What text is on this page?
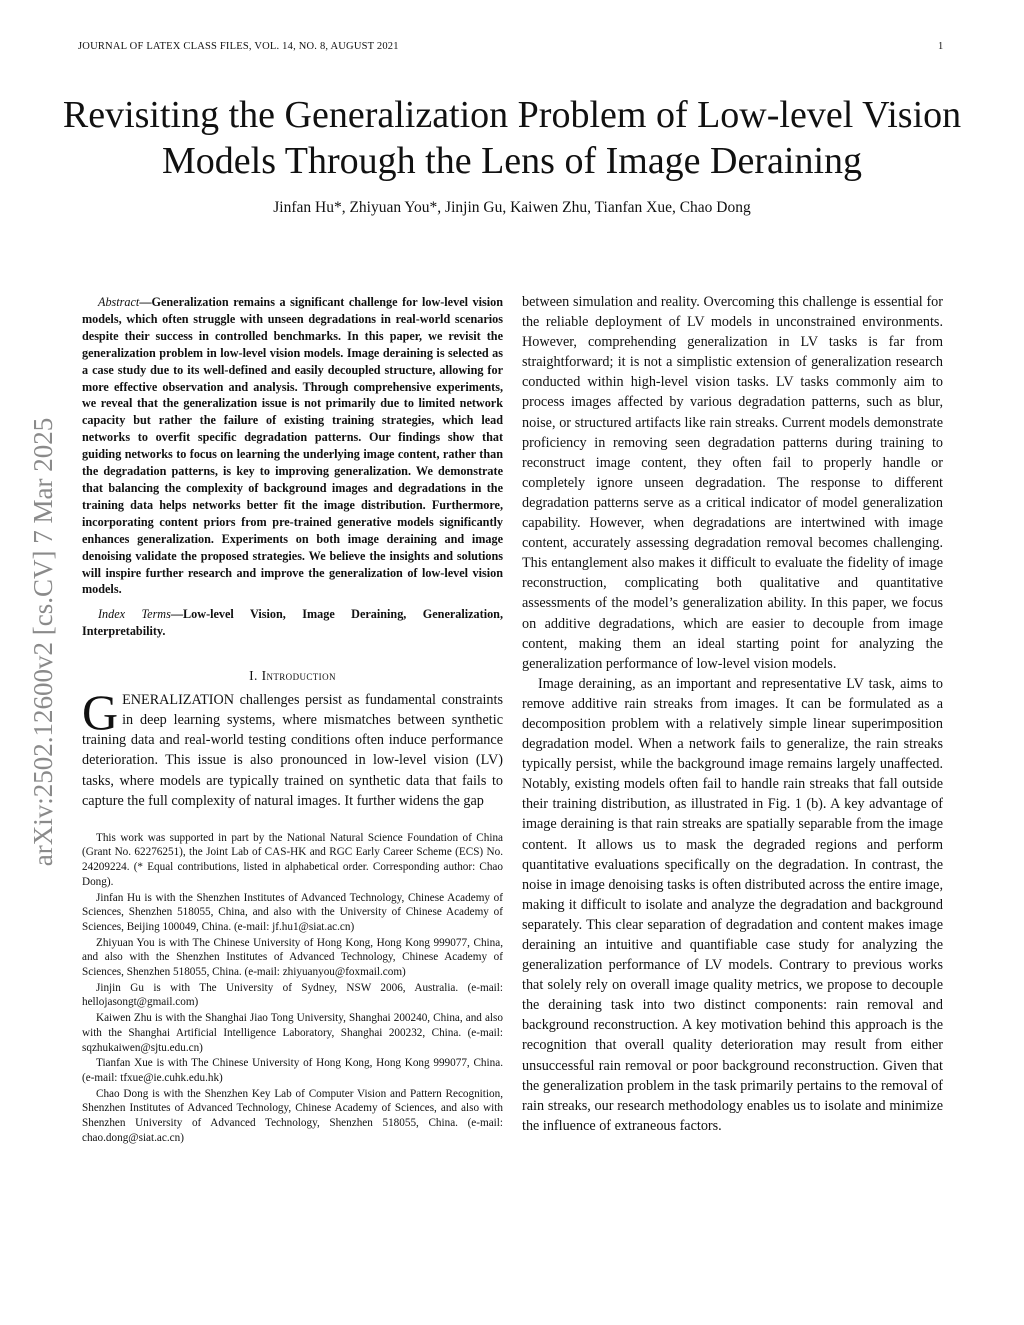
JOURNAL OF LATEX CLASS FILES, VOL. 14, NO. 8, AUGUST 2021	1
Revisiting the Generalization Problem of Low-level Vision Models Through the Lens of Image Deraining
Jinfan Hu*, Zhiyuan You*, Jinjin Gu, Kaiwen Zhu, Tianfan Xue, Chao Dong
arXiv:2502.12600v2 [cs.CV] 7 Mar 2025

Abstract—Generalization remains a significant challenge for low-level vision models, which often struggle with unseen degradations in real-world scenarios despite their success in controlled benchmarks. In this paper, we revisit the generalization problem in low-level vision models. Image deraining is selected as a case study due to its well-defined and easily decoupled structure, allowing for more effective observation and analysis. Through comprehensive experiments, we reveal that the generalization issue is not primarily due to limited network capacity but rather the failure of existing training strategies, which lead networks to overfit specific degradation patterns. Our findings show that guiding networks to focus on learning the underlying image content, rather than the degradation patterns, is key to improving generalization. We demonstrate that balancing the complexity of background images and degradations in the training data helps networks better fit the image distribution. Furthermore, incorporating content priors from pre-trained generative models significantly enhances generalization. Experiments on both image deraining and image denoising validate the proposed strategies. We believe the insights and solutions will inspire further research and improve the generalization of low-level vision models.

Index Terms—Low-level Vision, Image Deraining, Generalization, Interpretability.

I. Introduction

GENERALIZATION challenges persist as fundamental constraints in deep learning systems, where mismatches between synthetic training data and real-world testing conditions often induce performance deterioration. This issue is also pronounced in low-level vision (LV) tasks, where models are typically trained on synthetic data that fails to capture the full complexity of natural images. It further widens the gap

This work was supported in part by the National Natural Science Foundation of China (Grant No. 62276251), the Joint Lab of CAS-HK and RGC Early Career Scheme (ECS) No. 24209224. (* Equal contributions, listed in alphabetical order. Corresponding author: Chao Dong).

Jinfan Hu is with the Shenzhen Institutes of Advanced Technology, Chinese Academy of Sciences, Shenzhen 518055, China, and also with the University of Chinese Academy of Sciences, Beijing 100049, China. (e-mail: jf.hu1@siat.ac.cn)

Zhiyuan You is with The Chinese University of Hong Kong, Hong Kong 999077, China, and also with the Shenzhen Institutes of Advanced Technology, Chinese Academy of Sciences, Shenzhen 518055, China. (e-mail: zhiyuanyou@foxmail.com)

Jinjin Gu is with The University of Sydney, NSW 2006, Australia. (e-mail: hellojasongt@gmail.com)

Kaiwen Zhu is with the Shanghai Jiao Tong University, Shanghai 200240, China, and also with the Shanghai Artificial Intelligence Laboratory, Shanghai 200232, China. (e-mail: sqzhukaiwen@sjtu.edu.cn)

Tianfan Xue is with The Chinese University of Hong Kong, Hong Kong 999077, China. (e-mail: tfxue@ie.cuhk.edu.hk)

Chao Dong is with the Shenzhen Key Lab of Computer Vision and Pattern Recognition, Shenzhen Institutes of Advanced Technology, Chinese Academy of Sciences, and also with Shenzhen University of Advanced Technology, Shenzhen 518055, China. (e-mail: chao.dong@siat.ac.cn)

between simulation and reality. Overcoming this challenge is essential for the reliable deployment of LV models in unconstrained environments. However, comprehending generalization in LV tasks is far from straightforward; it is not a simplistic extension of generalization research conducted within high-level vision tasks. LV tasks commonly aim to process images affected by various degradation patterns, such as blur, noise, or structured artifacts like rain streaks. Current models demonstrate proficiency in removing seen degradation patterns during training to reconstruct image content, they often fail to properly handle or completely ignore unseen degradation. The response to different degradation patterns serve as a critical indicator of model generalization capability. However, when degradations are intertwined with image content, accurately assessing degradation removal becomes challenging. This entanglement also makes it difficult to evaluate the fidelity of image reconstruction, complicating both qualitative and quantitative assessments of the model’s generalization ability. In this paper, we focus on additive degradations, which are easier to decouple from image content, making them an ideal starting point for analyzing the generalization performance of low-level vision models.

Image deraining, as an important and representative LV task, aims to remove additive rain streaks from images. It can be formulated as a decomposition problem with a relatively simple linear superimposition degradation model. When a network fails to generalize, the rain streaks typically persist, while the background image remains largely unaffected. Notably, existing models often fail to handle rain streaks that fall outside their training distribution, as illustrated in Fig. 1 (b). A key advantage of image deraining is that rain streaks are spatially separable from the image content. It allows us to mask the degraded regions and perform quantitative evaluations specifically on the degradation. In contrast, the noise in image denoising tasks is often distributed across the entire image, making it difficult to isolate and analyze the degradation and background separately. This clear separation of degradation and content makes image deraining an intuitive and quantifiable case study for analyzing the generalization performance of LV models. Contrary to previous works that solely rely on overall image quality metrics, we propose to decouple the deraining task into two distinct components: rain removal and background reconstruction. A key motivation behind this approach is the recognition that overall quality deterioration may result from either unsuccessful rain removal or poor background reconstruction. Given that the generalization problem in the task primarily pertains to the removal of rain streaks, our research methodology enables us to isolate and minimize the influence of extraneous factors.
